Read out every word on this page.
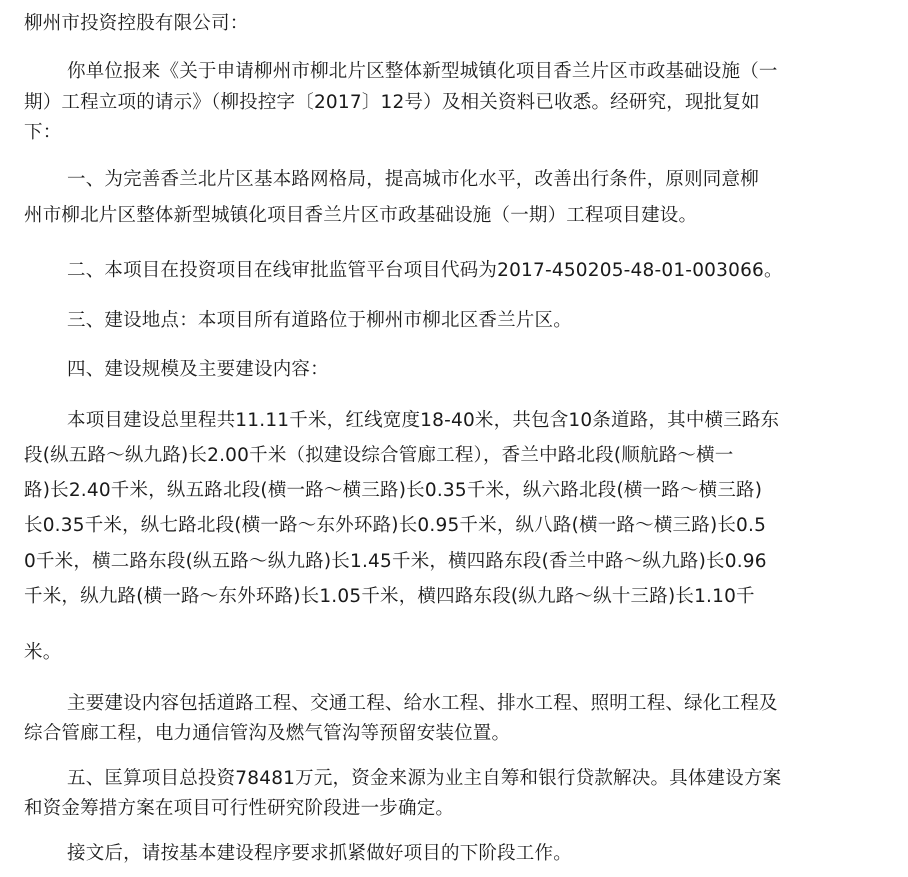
柳州市投资控股有限公司：
你单位报来《关于申请柳州市柳北片区整体新型城镇化项目香兰片区市政基础设施（一
期）工程立项的请示》（柳投控字〔2017〕12号）及相关资料已收悉。经研究，现批复如
下：
一、为完善香兰北片区基本路网格局，提高城市化水平，改善出行条件，原则同意柳
州市柳北片区整体新型城镇化项目香兰片区市政基础设施（一期）工程项目建设。
二、本项目在投资项目在线审批监管平台项目代码为2017-450205-48-01-003066。
三、建设地点：本项目所有道路位于柳州市柳北区香兰片区。
四、建设规模及主要建设内容：
本项目建设总里程共11.11千米，红线宽度18-40米，共包含10条道路，其中横三路东
段(纵五路～纵九路)长2.00千米（拟建设综合管廊工程），香兰中路北段(顺航路～横一
路)长2.40千米，纵五路北段(横一路～横三路)长0.35千米，纵六路北段(横一路～横三路)
长0.35千米，纵七路北段(横一路～东外环路)长0.95千米，纵八路(横一路～横三路)长0.5
0千米，横二路东段(纵五路～纵九路)长1.45千米，横四路东段(香兰中路～纵九路)长0.96
千米，纵九路(横一路～东外环路)长1.05千米，横四路东段(纵九路～纵十三路)长1.10千
米。
主要建设内容包括道路工程、交通工程、给水工程、排水工程、照明工程、绿化工程及
综合管廊工程，电力通信管沟及燃气管沟等预留安装位置。
五、匡算项目总投资78481万元，资金来源为业主自筹和银行贷款解决。具体建设方案
和资金筹措方案在项目可行性研究阶段进一步确定。
接文后，请按基本建设程序要求抓紧做好项目的下阶段工作。
